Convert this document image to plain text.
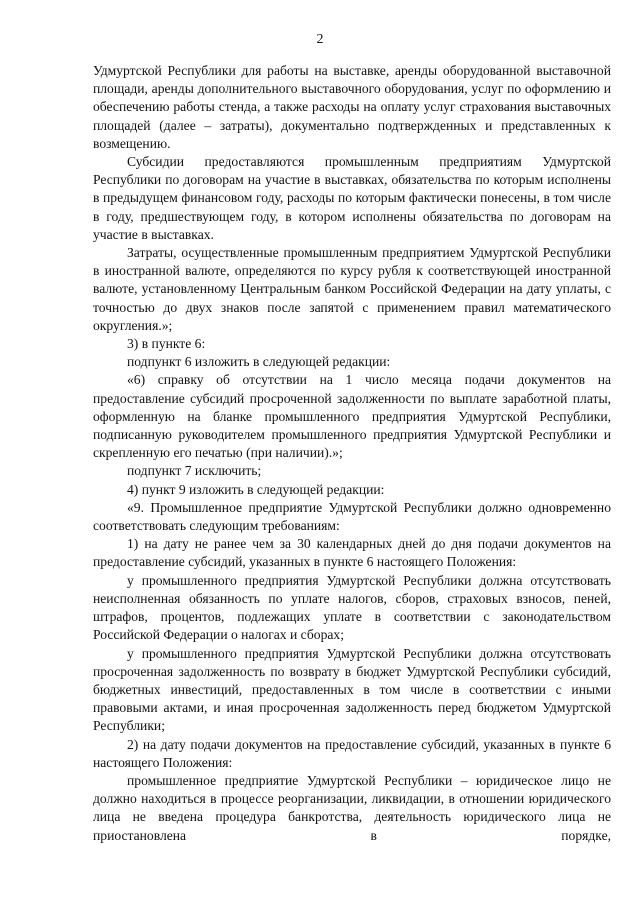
2

Удмуртской Республики для работы на выставке, аренды оборудованной выставочной площади, аренды дополнительного выставочного оборудования, услуг по оформлению и обеспечению работы стенда, а также расходы на оплату услуг страхования выставочных площадей (далее – затраты), документально подтвержденных и представленных к возмещению.

Субсидии предоставляются промышленным предприятиям Удмуртской Республики по договорам на участие в выставках, обязательства по которым исполнены в предыдущем финансовом году, расходы по которым фактически понесены, в том числе в году, предшествующем году, в котором исполнены обязательства по договорам на участие в выставках.

Затраты, осуществленные промышленным предприятием Удмуртской Республики в иностранной валюте, определяются по курсу рубля к соответствующей иностранной валюте, установленному Центральным банком Российской Федерации на дату уплаты, с точностью до двух знаков после запятой с применением правил математического округления.»;

3) в пункте 6:

подпункт 6 изложить в следующей редакции:

«6) справку об отсутствии на 1 число месяца подачи документов на предоставление субсидий просроченной задолженности по выплате заработной платы, оформленную на бланке промышленного предприятия Удмуртской Республики, подписанную руководителем промышленного предприятия Удмуртской Республики и скрепленную его печатью (при наличии).»;

подпункт 7 исключить;

4) пункт 9 изложить в следующей редакции:

«9. Промышленное предприятие Удмуртской Республики должно одновременно соответствовать следующим требованиям:

1) на дату не ранее чем за 30 календарных дней до дня подачи документов на предоставление субсидий, указанных в пункте 6 настоящего Положения:

у промышленного предприятия Удмуртской Республики должна отсутствовать неисполненная обязанность по уплате налогов, сборов, страховых взносов, пеней, штрафов, процентов, подлежащих уплате в соответствии с законодательством Российской Федерации о налогах и сборах;

у промышленного предприятия Удмуртской Республики должна отсутствовать просроченная задолженность по возврату в бюджет Удмуртской Республики субсидий, бюджетных инвестиций, предоставленных в том числе в соответствии с иными правовыми актами, и иная просроченная задолженность перед бюджетом Удмуртской Республики;

2) на дату подачи документов на предоставление субсидий, указанных в пункте 6 настоящего Положения:

промышленное предприятие Удмуртской Республики – юридическое лицо не должно находиться в процессе реорганизации, ликвидации, в отношении юридического лица не введена процедура банкротства, деятельность юридического лица не приостановлена в порядке,
